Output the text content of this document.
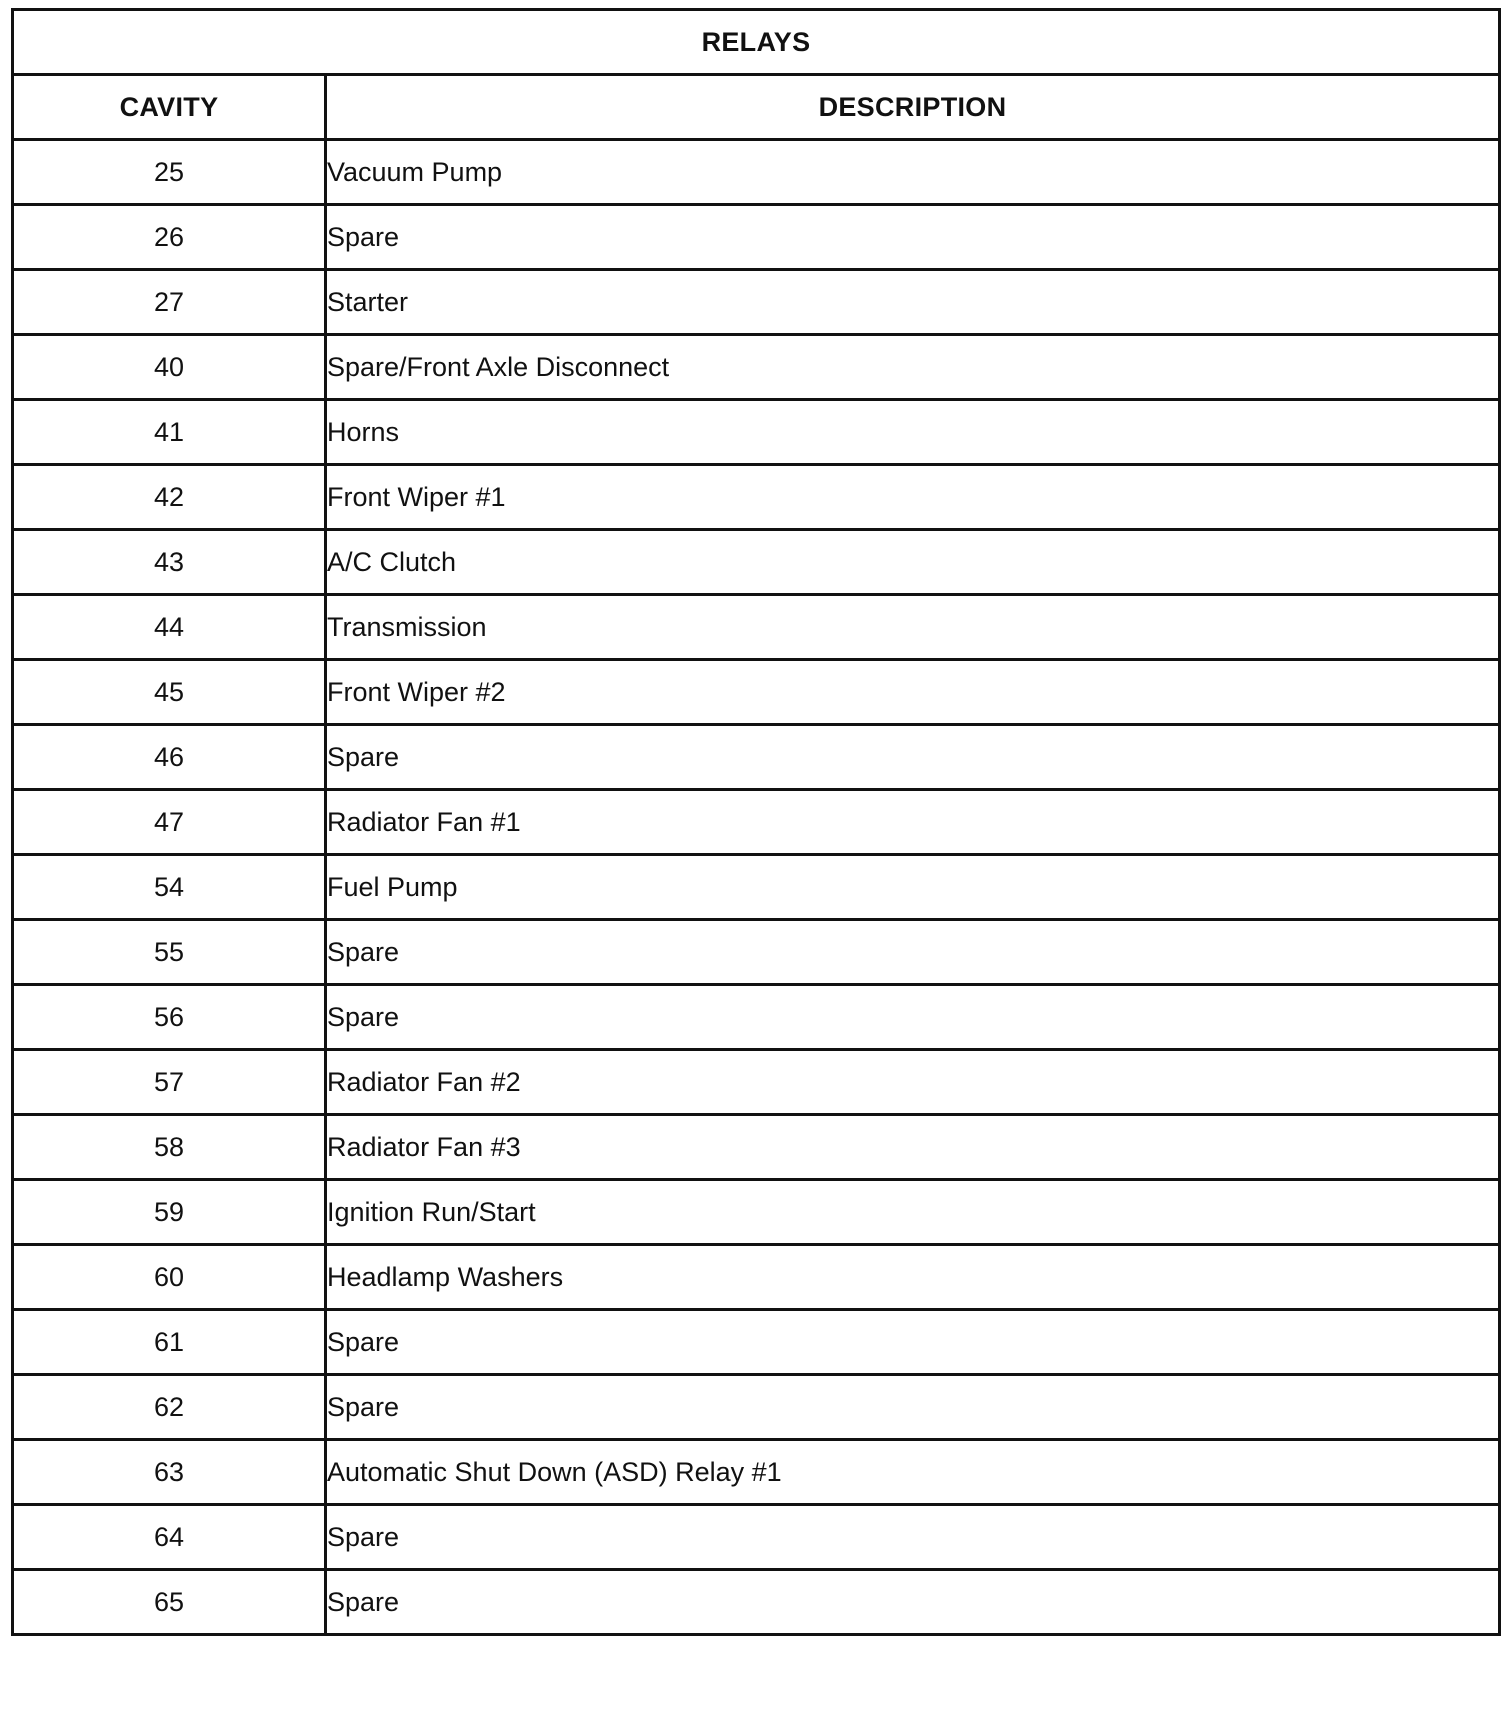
RELAYS	
CAVITY	DESCRIPTION
25	Vacuum Pump
26	Spare
27	Starter
40	Spare/Front Axle Disconnect
41	Horns
42	Front Wiper #1
43	A/C Clutch
44	Transmission
45	Front Wiper #2
46	Spare
47	Radiator Fan #1
54	Fuel Pump
55	Spare
56	Spare
57	Radiator Fan #2
58	Radiator Fan #3
59	Ignition Run/Start
60	Headlamp Washers
61	Spare
62	Spare
63	Automatic Shut Down (ASD) Relay #1
64	Spare
65	Spare
